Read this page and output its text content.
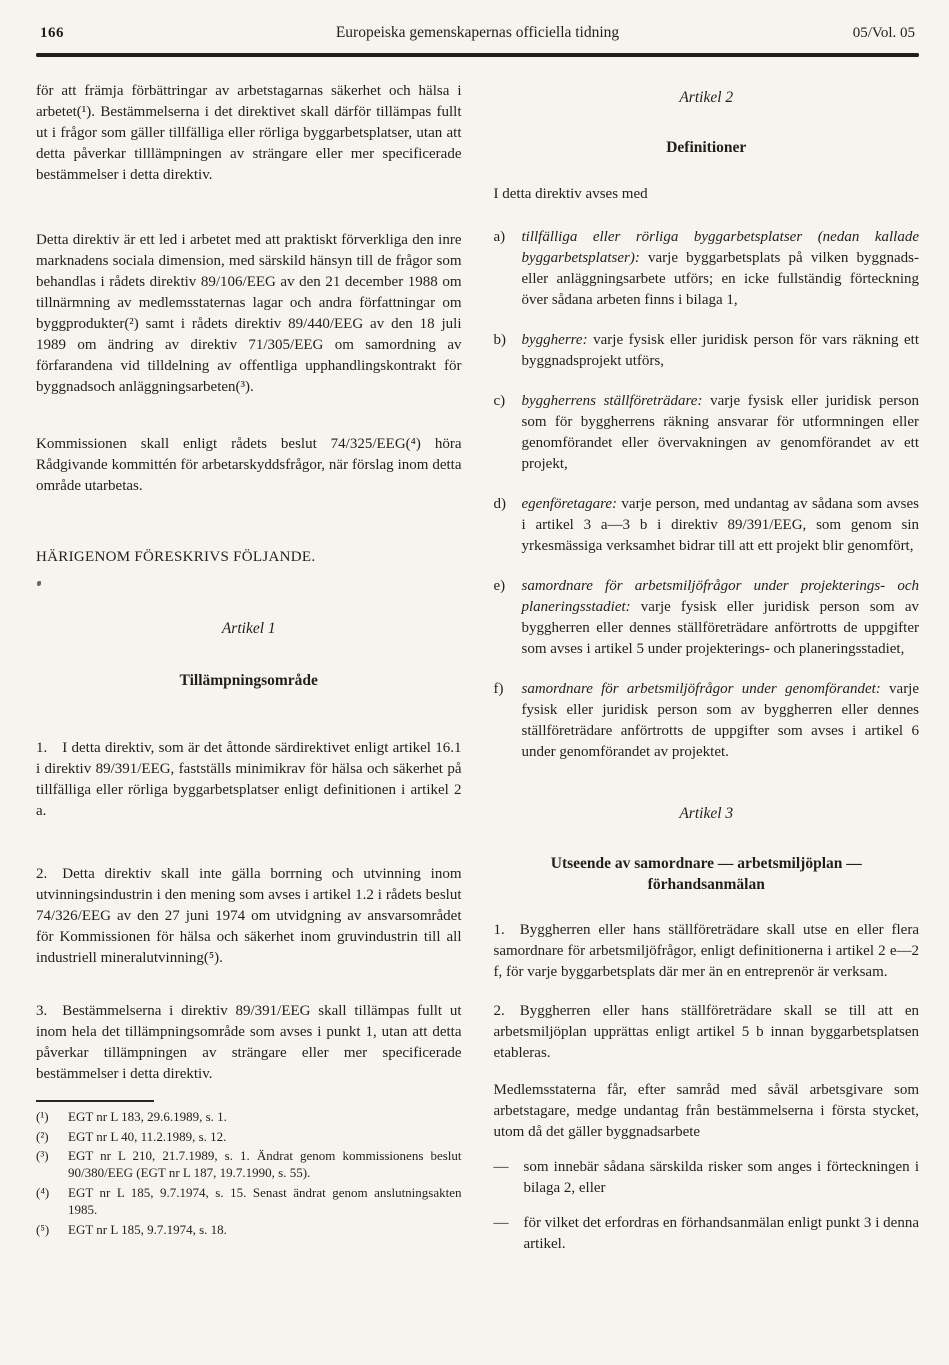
166	Europeiska gemenskapernas officiella tidning	05/Vol. 05

för att främja förbättringar av arbetstagarnas säkerhet och hälsa i arbetet(¹). Bestämmelserna i det direktivet skall därför tillämpas fullt ut i frågor som gäller tillfälliga eller rörliga byggarbetsplatser, utan att detta påverkar tilllämpningen av strängare eller mer specificerade bestämmelser i detta direktiv.

Detta direktiv är ett led i arbetet med att praktiskt förverkliga den inre marknadens sociala dimension, med särskild hänsyn till de frågor som behandlas i rådets direktiv 89/106/EEG av den 21 december 1988 om tillnärmning av medlemsstaternas lagar och andra författningar om byggprodukter(²) samt i rådets direktiv 89/440/EEG av den 18 juli 1989 om ändring av direktiv 71/305/EEG om samordning av förfarandena vid tilldelning av offentliga upphandlingskontrakt för byggnadsoch anläggningsarbeten(³).

Kommissionen skall enligt rådets beslut 74/325/EEG(⁴) höra Rådgivande kommittén för arbetarskyddsfrågor, när förslag inom detta område utarbetas.

HÄRIGENOM FÖRESKRIVS FÖLJANDE.

Artikel 1
Tillämpningsområde

1. I detta direktiv, som är det åttonde särdirektivet enligt artikel 16.1 i direktiv 89/391/EEG, fastställs minimikrav för hälsa och säkerhet på tillfälliga eller rörliga byggarbetsplatser enligt definitionen i artikel 2 a.

2. Detta direktiv skall inte gälla borrning och utvinning inom utvinningsindustrin i den mening som avses i artikel 1.2 i rådets beslut 74/326/EEG av den 27 juni 1974 om utvidgning av ansvarsområdet för Kommissionen för hälsa och säkerhet inom gruvindustrin till all industriell mineralutvinning(⁵).

3. Bestämmelserna i direktiv 89/391/EEG skall tillämpas fullt ut inom hela det tillämpningsområde som avses i punkt 1, utan att detta påverkar tillämpningen av strängare eller mer specificerade bestämmelser i detta direktiv.

(¹)	EGT nr L 183, 29.6.1989, s. 1.
(²)	EGT nr L 40, 11.2.1989, s. 12.
(³)	EGT nr L 210, 21.7.1989, s. 1. Ändrat genom kommissionens beslut 90/380/EEG (EGT nr L 187, 19.7.1990, s. 55).
(⁴)	EGT nr L 185, 9.7.1974, s. 15. Senast ändrat genom anslutningsakten 1985.
(⁵)	EGT nr L 185, 9.7.1974, s. 18.
Artikel 2
Definitioner

I detta direktiv avses med

a)	tillfälliga eller rörliga byggarbetsplatser (nedan kallade byggarbetsplatser): varje byggarbetsplats på vilken byggnads- eller anläggningsarbete utförs; en icke fullständig förteckning över sådana arbeten finns i bilaga 1,
b)	byggherre: varje fysisk eller juridisk person för vars räkning ett byggnadsprojekt utförs,
c)	byggherrens ställföreträdare: varje fysisk eller juridisk person som för byggherrens räkning ansvarar för utformningen eller genomförandet eller övervakningen av genomförandet av ett projekt,
d)	egenföretagare: varje person, med undantag av sådana som avses i artikel 3 a—3 b i direktiv 89/391/EEG, som genom sin yrkesmässiga verksamhet bidrar till att ett projekt blir genomfört,
e)	samordnare för arbetsmiljöfrågor under projekterings- och planeringsstadiet: varje fysisk eller juridisk person som av byggherren eller dennes ställföreträdare anförtrotts de uppgifter som avses i artikel 5 under projekterings- och planeringsstadiet,
f)	samordnare för arbetsmiljöfrågor under genomförandet: varje fysisk eller juridisk person som av byggherren eller dennes ställföreträdare anförtrotts de uppgifter som avses i artikel 6 under genomförandet av projektet.
Artikel 3
Utseende av samordnare — arbetsmiljöplan — förhandsanmälan

1. Byggherren eller hans ställföreträdare skall utse en eller flera samordnare för arbetsmiljöfrågor, enligt definitionerna i artikel 2 e—2 f, för varje byggarbetsplats där mer än en entreprenör är verksam.

2. Byggherren eller hans ställföreträdare skall se till att en arbetsmiljöplan upprättas enligt artikel 5 b innan byggarbetsplatsen etableras.

Medlemsstaterna får, efter samråd med såväl arbetsgivare som arbetstagare, medge undantag från bestämmelserna i första stycket, utom då det gäller byggnadsarbete

—	som innebär sådana särskilda risker som anges i förteckningen i bilaga 2, eller
—	för vilket det erfordras en förhandsanmälan enligt punkt 3 i denna artikel.
